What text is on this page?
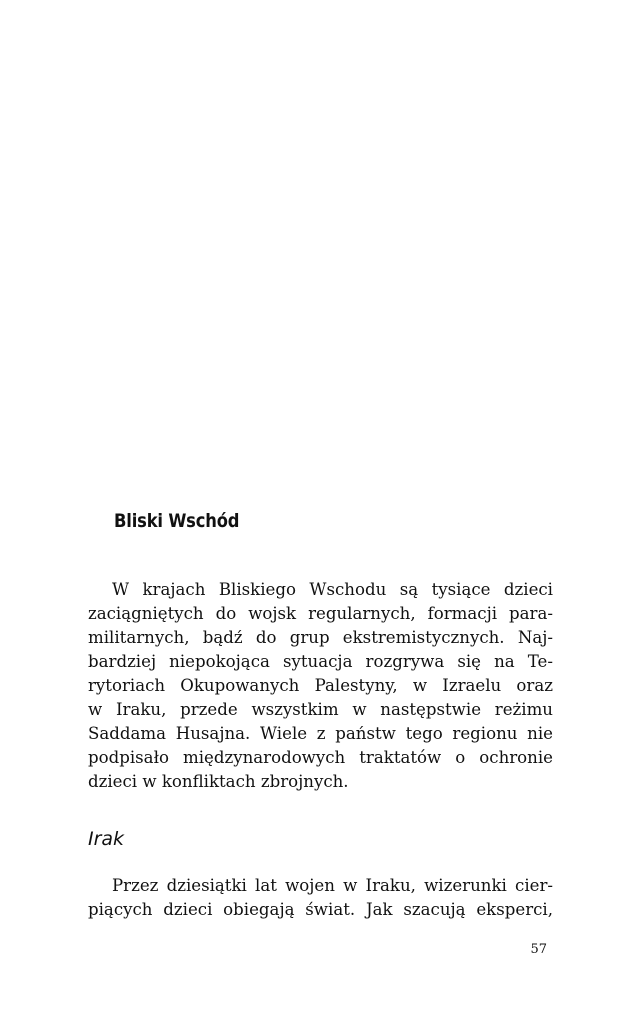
Bliski Wschód
W krajach Bliskiego Wschodu są tysiące dzieci
zaciągniętych do wojsk regularnych, formacji para-
militarnych, bądź do grup ekstremistycznych. Naj-
bardziej niepokojąca sytuacja rozgrywa się na Te-
rytoriach Okupowanych Palestyny, w Izraelu oraz
w Iraku, przede wszystkim w następstwie reżimu
Saddama Husajna. Wiele z państw tego regionu nie
podpisało międzynarodowych traktatów o ochronie
dzieci w konfliktach zbrojnych.
Irak
Przez dziesiątki lat wojen w Iraku, wizerunki cier-
piących dzieci obiegają świat. Jak szacują eksperci,
57
